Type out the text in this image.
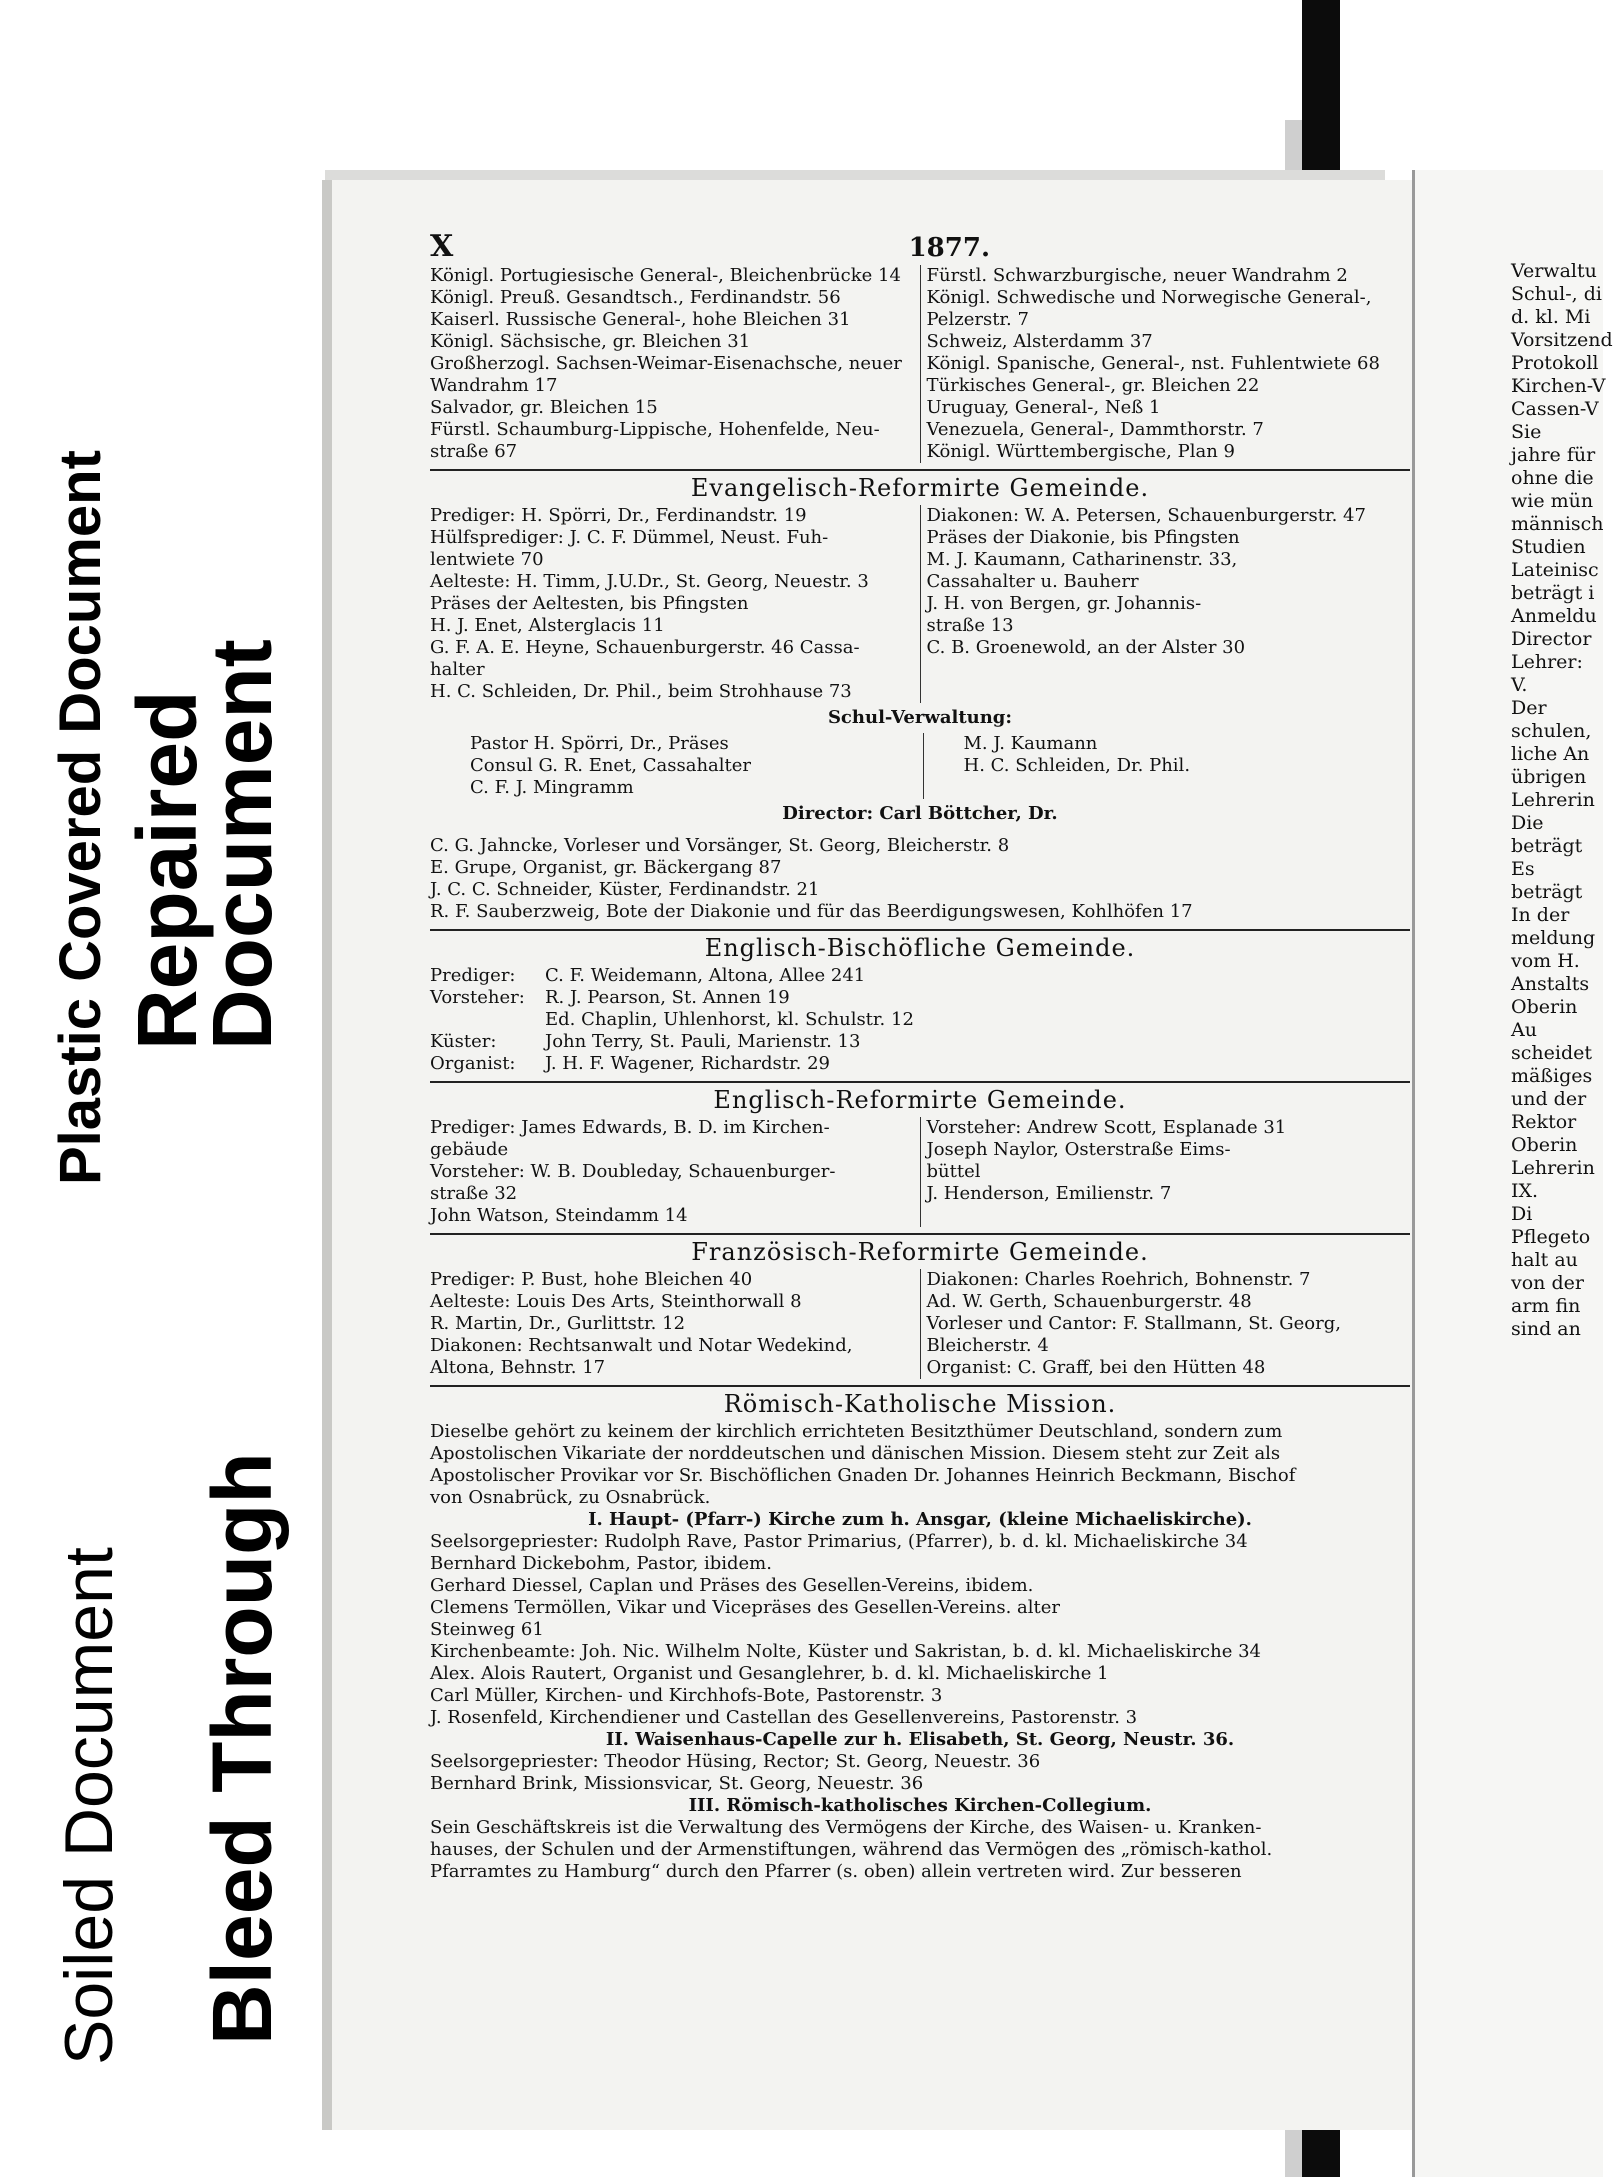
Plastic Covered Document Repaired
Document
Soiled Document Bleed Through
Verwaltu
Schul-, di
d. kl. Mi
Vorsitzend
Protokoll
Kirchen-V
Cassen-V
Sie
jahre für
ohne die
wie mün
männisch
Studien
Lateinisc
beträgt i
Anmeldu
Director
Lehrer:
V.
Der
schulen,
liche An
übrigen
Lehrerin
Die
beträgt
Es
beträgt
In der
meldung
vom H.
Anstalts
Oberin
Au
scheidet
mäßiges
und der
Rektor
Oberin
Lehrerin
IX.
Di
Pflegeto
halt au
von der
arm fin
sind an
X	1877.
Königl. Portugiesische General-, Bleichenbrücke 14
Königl. Preuß. Gesandtsch., Ferdinandstr. 56
Kaiserl. Russische General-, hohe Bleichen 31
Königl. Sächsische, gr. Bleichen 31
Großherzogl. Sachsen-Weimar-Eisenachsche, neuer
Wandrahm 17
Salvador, gr. Bleichen 15
Fürstl. Schaumburg-Lippische, Hohenfelde, Neu-
straße 67
Fürstl. Schwarzburgische, neuer Wandrahm 2
Königl. Schwedische und Norwegische General-,
Pelzerstr. 7
Schweiz, Alsterdamm 37
Königl. Spanische, General-, nst. Fuhlentwiete 68
Türkisches General-, gr. Bleichen 22
Uruguay, General-, Neß 1
Venezuela, General-, Dammthorstr. 7
Königl. Württembergische, Plan 9
Evangelisch-Reformirte Gemeinde.
Prediger: H. Spörri, Dr., Ferdinandstr. 19
Hülfsprediger: J. C. F. Dümmel, Neust. Fuh-
lentwiete 70
Aelteste: H. Timm, J.U.Dr., St. Georg, Neuestr. 3
Präses der Aeltesten, bis Pfingsten
H. J. Enet, Alsterglacis 11
G. F. A. E. Heyne, Schauenburgerstr. 46 Cassa-
halter
H. C. Schleiden, Dr. Phil., beim Strohhause 73
Diakonen: W. A. Petersen, Schauenburgerstr. 47
Präses der Diakonie, bis Pfingsten
M. J. Kaumann, Catharinenstr. 33,
Cassahalter u. Bauherr
J. H. von Bergen, gr. Johannis-
straße 13
C. B. Groenewold, an der Alster 30
Schul-Verwaltung:
Pastor H. Spörri, Dr., Präses
Consul G. R. Enet, Cassahalter
C. F. J. Mingramm
M. J. Kaumann
H. C. Schleiden, Dr. Phil.
Director: Carl Böttcher, Dr.
C. G. Jahncke, Vorleser und Vorsänger, St. Georg, Bleicherstr. 8
E. Grupe, Organist, gr. Bäckergang 87
J. C. C. Schneider, Küster, Ferdinandstr. 21
R. F. Sauberzweig, Bote der Diakonie und für das Beerdigungswesen, Kohlhöfen 17
Englisch-Bischöfliche Gemeinde.
Prediger: C. F. Weidemann, Altona, Allee 241
Vorsteher: R. J. Pearson, St. Annen 19
Ed. Chaplin, Uhlenhorst, kl. Schulstr. 12
Küster:	John Terry, St. Pauli, Marienstr. 13
Organist: J. H. F. Wagener, Richardstr. 29
Englisch-Reformirte Gemeinde.
Prediger: James Edwards, B. D. im Kirchen-
gebäude
Vorsteher: W. B. Doubleday, Schauenburger-
straße 32
John Watson, Steindamm 14
Vorsteher: Andrew Scott, Esplanade 31
Joseph Naylor, Osterstraße Eims-
büttel
J. Henderson, Emilienstr. 7
Französisch-Reformirte Gemeinde.
Prediger: P. Bust, hohe Bleichen 40
Aelteste: Louis Des Arts, Steinthorwall 8
R. Martin, Dr., Gurlittstr. 12
Diakonen: Rechtsanwalt und Notar Wedekind,
Altona, Behnstr. 17
Diakonen: Charles Roehrich, Bohnenstr. 7
Ad. W. Gerth, Schauenburgerstr. 48
Vorleser und Cantor: F. Stallmann, St. Georg,
Bleicherstr. 4
Organist: C. Graff, bei den Hütten 48
Römisch-Katholische Mission.
Dieselbe gehört zu keinem der kirchlich errichteten Besitzthümer Deutschland, sondern zum
Apostolischen Vikariate der norddeutschen und dänischen Mission. Diesem steht zur Zeit als
Apostolischer Provikar vor Sr. Bischöflichen Gnaden Dr. Johannes Heinrich Beckmann, Bischof
von Osnabrück, zu Osnabrück.
I. Haupt- (Pfarr-) Kirche zum h. Ansgar, (kleine Michaeliskirche).
Seelsorgepriester: Rudolph Rave, Pastor Primarius, (Pfarrer), b. d. kl. Michaeliskirche 34
Bernhard Dickebohm, Pastor, ibidem.
Gerhard Diessel, Caplan und Präses des Gesellen-Vereins, ibidem.
Clemens Termöllen, Vikar und Vicepräses des Gesellen-Vereins. alter
Steinweg 61
Kirchenbeamte: Joh. Nic. Wilhelm Nolte, Küster und Sakristan, b. d. kl. Michaeliskirche 34
Alex. Alois Rautert, Organist und Gesanglehrer, b. d. kl. Michaeliskirche 1
Carl Müller, Kirchen- und Kirchhofs-Bote, Pastorenstr. 3
J. Rosenfeld, Kirchendiener und Castellan des Gesellenvereins, Pastorenstr. 3
II. Waisenhaus-Capelle zur h. Elisabeth, St. Georg, Neustr. 36.
Seelsorgepriester: Theodor Hüsing, Rector; St. Georg, Neuestr. 36
Bernhard Brink, Missionsvicar, St. Georg, Neuestr. 36
III. Römisch-katholisches Kirchen-Collegium.
Sein Geschäftskreis ist die Verwaltung des Vermögens der Kirche, des Waisen- u. Kranken-
hauses, der Schulen und der Armenstiftungen, während das Vermögen des „römisch-kathol.
Pfarramtes zu Hamburg“ durch den Pfarrer (s. oben) allein vertreten wird. Zur besseren
